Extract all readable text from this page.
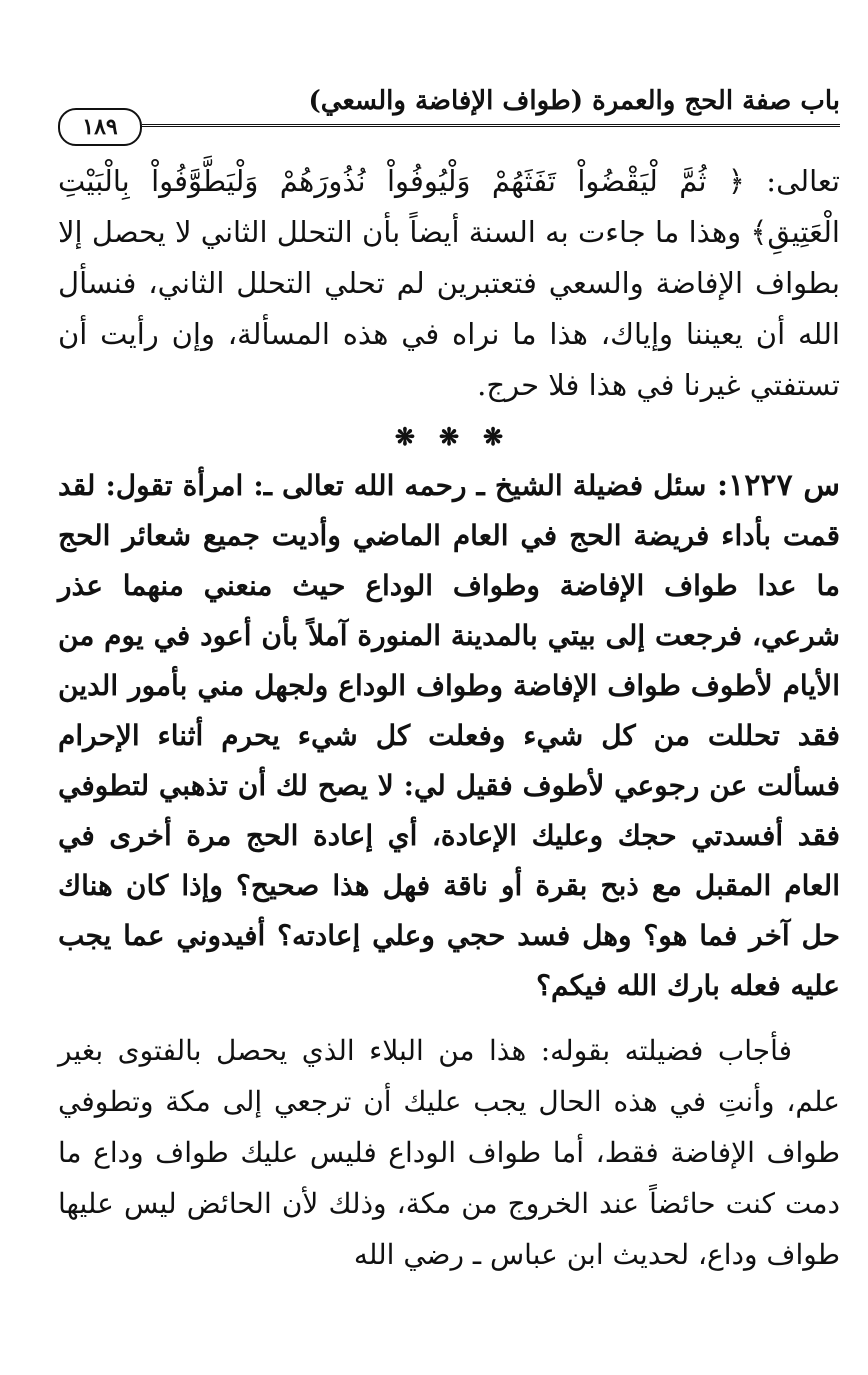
باب صفة الحج والعمرة (طواف الإفاضة والسعي)
١٨٩

تعالى: ﴿ ثُمَّ لْيَقْضُواْ تَفَثَهُمْ وَلْيُوفُواْ نُذُورَهُمْ وَلْيَطَّوَّفُواْ بِالْبَيْتِ الْعَتِيقِ﴾ وهذا ما جاءت به السنة أيضاً بأن التحلل الثاني لا يحصل إلا بطواف الإفاضة والسعي فتعتبرين لم تحلي التحلل الثاني، فنسأل الله أن يعيننا وإياك، هذا ما نراه في هذه المسألة، وإن رأيت أن تستفتي غيرنا في هذا فلا حرج.

❋❋❋

س ١٢٢٧: سئل فضيلة الشيخ ـ رحمه الله تعالى ـ: امرأة تقول: لقد قمت بأداء فريضة الحج في العام الماضي وأديت جميع شعائر الحج ما عدا طواف الإفاضة وطواف الوداع حيث منعني منهما عذر شرعي، فرجعت إلى بيتي بالمدينة المنورة آملاً بأن أعود في يوم من الأيام لأطوف طواف الإفاضة وطواف الوداع ولجهل مني بأمور الدين فقد تحللت من كل شيء وفعلت كل شيء يحرم أثناء الإحرام فسألت عن رجوعي لأطوف فقيل لي: لا يصح لك أن تذهبي لتطوفي فقد أفسدتي حجك وعليك الإعادة، أي إعادة الحج مرة أخرى في العام المقبل مع ذبح بقرة أو ناقة فهل هذا صحيح؟ وإذا كان هناك حل آخر فما هو؟ وهل فسد حجي وعلي إعادته؟ أفيدوني عما يجب عليه فعله بارك الله فيكم؟

فأجاب فضيلته بقوله: هذا من البلاء الذي يحصل بالفتوى بغير علم، وأنتِ في هذه الحال يجب عليك أن ترجعي إلى مكة وتطوفي طواف الإفاضة فقط، أما طواف الوداع فليس عليك طواف وداع ما دمت كنت حائضاً عند الخروج من مكة، وذلك لأن الحائض ليس عليها طواف وداع، لحديث ابن عباس ـ رضي الله
